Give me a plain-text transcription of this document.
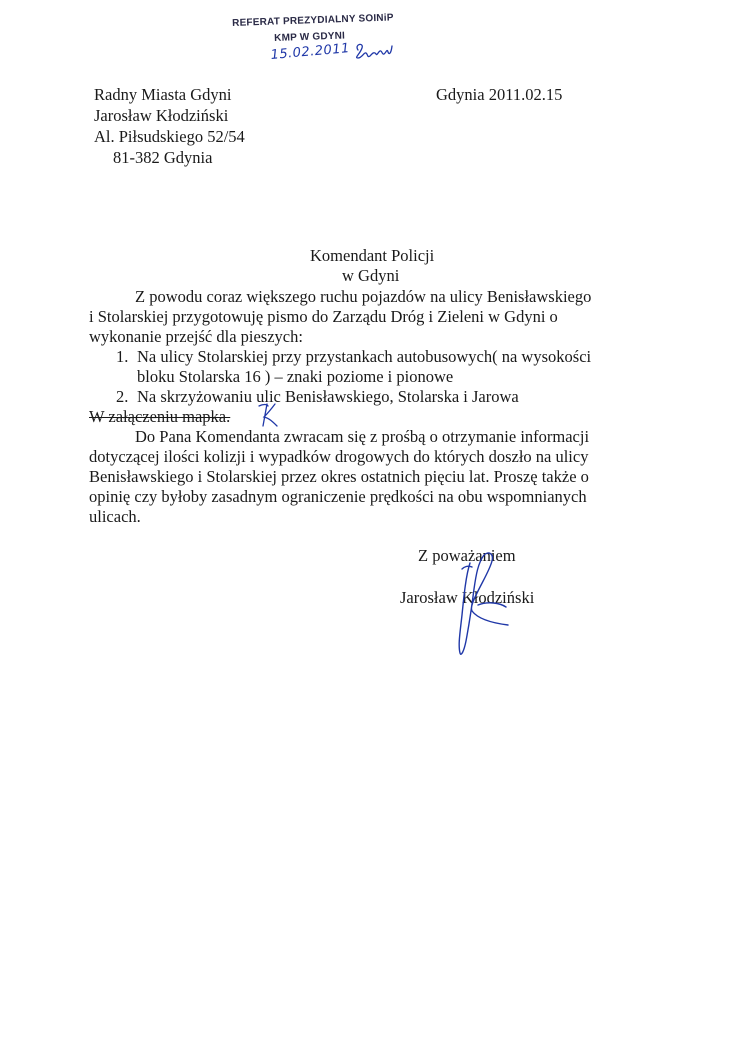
REFERAT PREZYDIALNY SOINiP
KMP W GDYNI
15.02.2011
Radny Miasta Gdyni
Jarosław Kłodziński
Al. Piłsudskiego 52/54
81-382 Gdynia
Gdynia 2011.02.15
Komendant Policji
w Gdyni
Z powodu coraz większego ruchu pojazdów na ulicy Benisławskiego
i Stolarskiej przygotowuję pismo do Zarządu Dróg i Zieleni w Gdyni o
wykonanie przejść dla pieszych:
1. Na ulicy Stolarskiej przy przystankach autobusowych( na wysokości
bloku Stolarska 16 ) – znaki poziome i pionowe
2. Na skrzyżowaniu ulic Benisławskiego, Stolarska i Jarowa
W załączeniu mapka.
Do Pana Komendanta zwracam się z prośbą o otrzymanie informacji
dotyczącej ilości kolizji i wypadków drogowych do których doszło na ulicy
Benisławskiego i Stolarskiej przez okres ostatnich pięciu lat. Proszę także o
opinię czy byłoby zasadnym ograniczenie prędkości na obu wspomnianych
ulicach.
Z poważaniem
Jarosław Kłodziński
